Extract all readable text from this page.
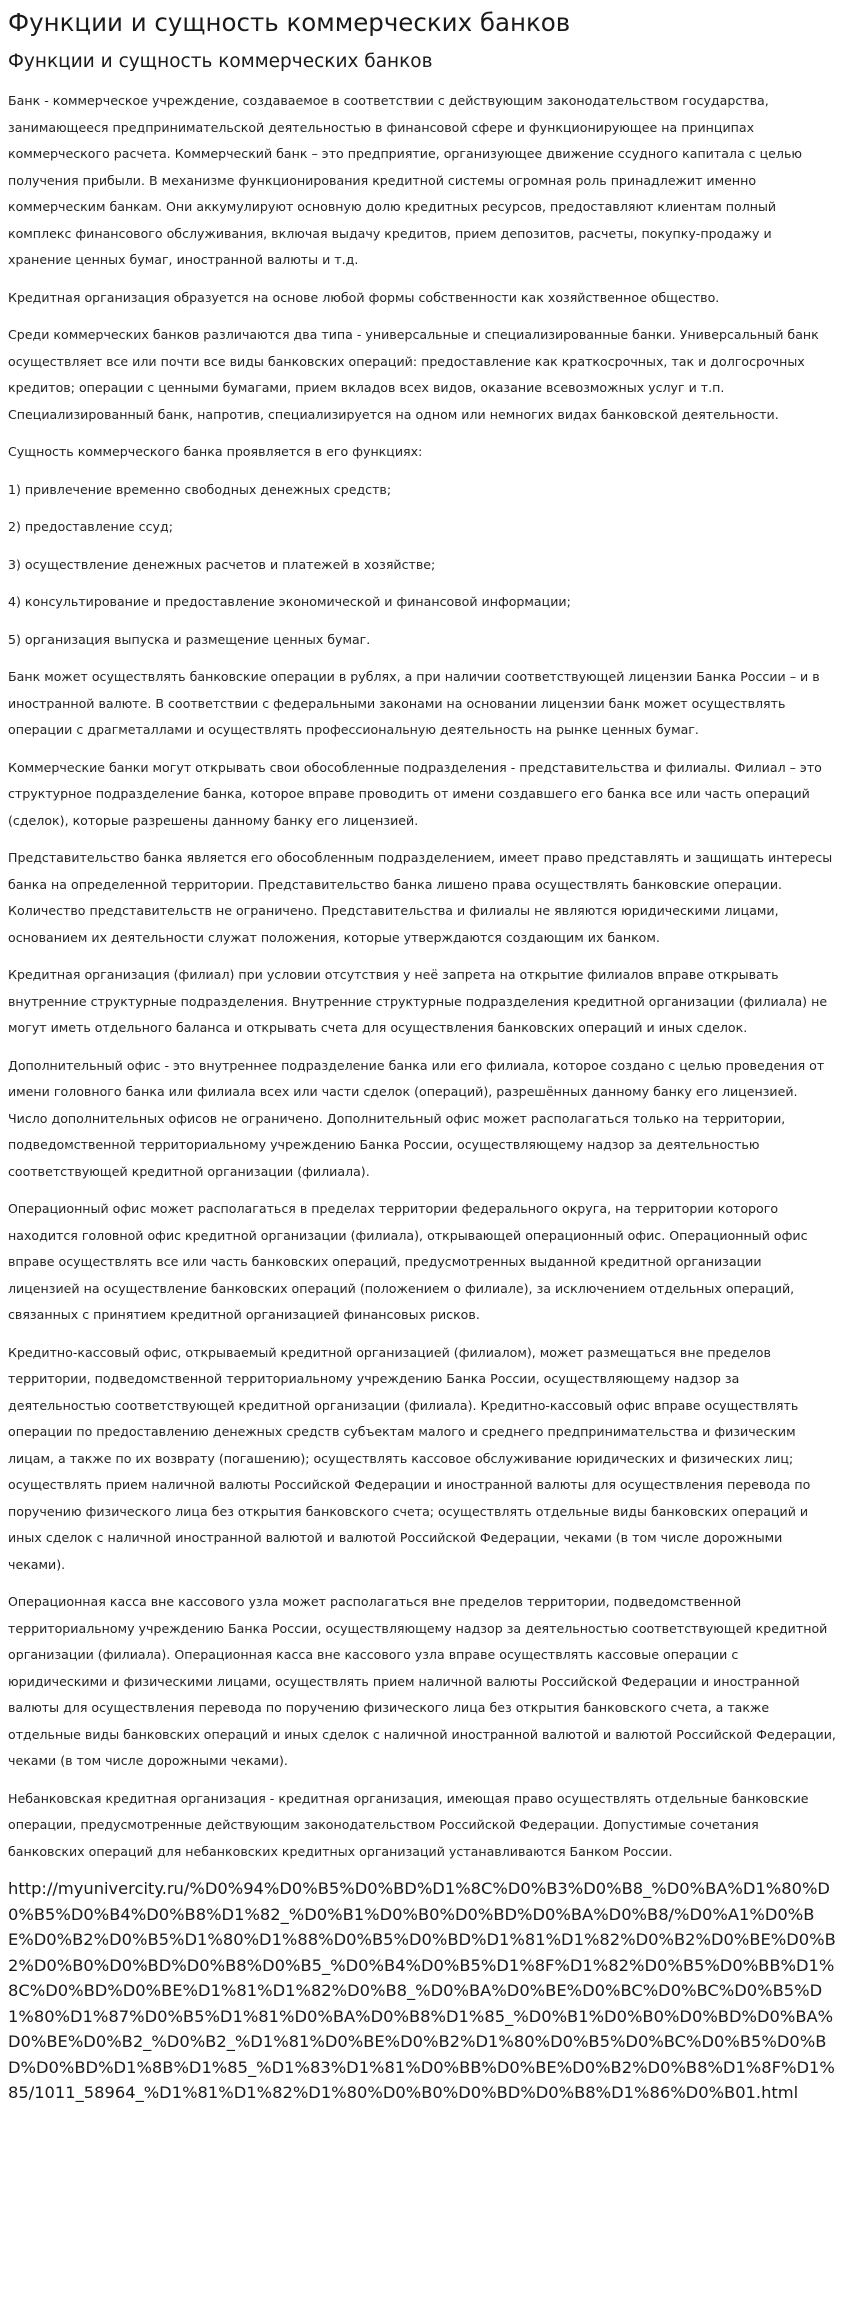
Функции и сущность коммерческих банков
Функции и сущность коммерческих банков

Банк - коммерческое учреждение, создаваемое в соответствии с действующим законодательством государства, занимающееся предпринимательской деятельностью в финансовой сфере и функционирующее на принципах коммерческого расчета. Коммерческий банк – это предприятие, организующее движение ссудного капитала с целью получения прибыли. В механизме функционирования кредитной системы огромная роль принадлежит именно коммерческим банкам. Они аккумулируют основную долю кредитных ресурсов, предоставляют клиентам полный комплекс финансового обслуживания, включая выдачу кредитов, прием депозитов, расчеты, покупку-продажу и хранение ценных бумаг, иностранной валюты и т.д.

Кредитная организация образуется на основе любой формы собственности как хозяйственное общество.

Среди коммерческих банков различаются два типа - универсальные и специализированные банки. Универсальный банк осуществляет все или почти все виды банковских операций: предоставление как краткосрочных, так и долгосрочных кредитов; операции с ценными бумагами, прием вкладов всех видов, оказание всевозможных услуг и т.п. Специализированный банк, напротив, специализируется на одном или немногих видах банковской деятельности.

Сущность коммерческого банка проявляется в его функциях:

1) привлечение временно свободных денежных средств;

2) предоставление ссуд;

3) осуществление денежных расчетов и платежей в хозяйстве;

4) консультирование и предоставление экономической и финансовой информации;

5) организация выпуска и размещение ценных бумаг.

Банк может осуществлять банковские операции в рублях, а при наличии соответствующей лицензии Банка России – и в иностранной валюте. В соответствии с федеральными законами на основании лицензии банк может осуществлять операции с драгметаллами и осуществлять профессиональную деятельность на рынке ценных бумаг.

Коммерческие банки могут открывать свои обособленные подразделения - представительства и филиалы. Филиал – это структурное подразделение банка, которое вправе проводить от имени создавшего его банка все или часть операций (сделок), которые разрешены данному банку его лицензией.

Представительство банка является его обособленным подразделением, имеет право представлять и защищать интересы банка на определенной территории. Представительство банка лишено права осуществлять банковские операции. Количество представительств не ограничено. Представительства и филиалы не являются юридическими лицами, основанием их деятельности служат положения, которые утверждаются создающим их банком.

Кредитная организация (филиал) при условии отсутствия у неё запрета на открытие филиалов вправе открывать внутренние структурные подразделения. Внутренние структурные подразделения кредитной организации (филиала) не могут иметь отдельного баланса и открывать счета для осуществления банковских операций и иных сделок.

Дополнительный офис - это внутреннее подразделение банка или его филиала, которое создано с целью проведения от имени головного банка или филиала всех или части сделок (операций), разрешённых данному банку его лицензией. Число дополнительных офисов не ограничено. Дополнительный офис может располагаться только на территории, подведомственной территориальному учреждению Банка России, осуществляющему надзор за деятельностью соответствующей кредитной организации (филиала).

Операционный офис может располагаться в пределах территории федерального округа, на территории которого находится головной офис кредитной организации (филиала), открывающей операционный офис. Операционный офис вправе осуществлять все или часть банковских операций, предусмотренных выданной кредитной организации лицензией на осуществление банковских операций (положением о филиале), за исключением отдельных операций, связанных с принятием кредитной организацией финансовых рисков.

Кредитно-кассовый офис, открываемый кредитной организацией (филиалом), может размещаться вне пределов территории, подведомственной территориальному учреждению Банка России, осуществляющему надзор за деятельностью соответствующей кредитной организации (филиала). Кредитно-кассовый офис вправе осуществлять операции по предоставлению денежных средств субъектам малого и среднего предпринимательства и физическим лицам, а также по их возврату (погашению); осуществлять кассовое обслуживание юридических и физических лиц; осуществлять прием наличной валюты Российской Федерации и иностранной валюты для осуществления перевода по поручению физического лица без открытия банковского счета; осуществлять отдельные виды банковских операций и иных сделок с наличной иностранной валютой и валютой Российской Федерации, чеками (в том числе дорожными чеками).

Операционная касса вне кассового узла может располагаться вне пределов территории, подведомственной территориальному учреждению Банка России, осуществляющему надзор за деятельностью соответствующей кредитной организации (филиала). Операционная касса вне кассового узла вправе осуществлять кассовые операции с юридическими и физическими лицами, осуществлять прием наличной валюты Российской Федерации и иностранной валюты для осуществления перевода по поручению физического лица без открытия банковского счета, а также отдельные виды банковских операций и иных сделок с наличной иностранной валютой и валютой Российской Федерации, чеками (в том числе дорожными чеками).

Небанковская кредитная организация - кредитная организация, имеющая право осуществлять отдельные банковские операции, предусмотренные действующим законодательством Российской Федерации. Допустимые сочетания банковских операций для небанковских кредитных организаций устанавливаются Банком России.

http://myunivercity.ru/%D0%94%D0%B5%D0%BD%D1%8C%D0%B3%D0%B8_%D0%BA%D1%80%D0%B5%D0%B4%D0%B8%D1%82_%D0%B1%D0%B0%D0%BD%D0%BA%D0%B8/%D0%A1%D0%BE%D0%B2%D0%B5%D1%80%D1%88%D0%B5%D0%BD%D1%81%D1%82%D0%B2%D0%BE%D0%B2%D0%B0%D0%BD%D0%B8%D0%B5_%D0%B4%D0%B5%D1%8F%D1%82%D0%B5%D0%BB%D1%8C%D0%BD%D0%BE%D1%81%D1%82%D0%B8_%D0%BA%D0%BE%D0%BC%D0%BC%D0%B5%D1%80%D1%87%D0%B5%D1%81%D0%BA%D0%B8%D1%85_%D0%B1%D0%B0%D0%BD%D0%BA%D0%BE%D0%B2_%D0%B2_%D1%81%D0%BE%D0%B2%D1%80%D0%B5%D0%BC%D0%B5%D0%BD%D0%BD%D1%8B%D1%85_%D1%83%D1%81%D0%BB%D0%BE%D0%B2%D0%B8%D1%8F%D1%85/1011_58964_%D1%81%D1%82%D1%80%D0%B0%D0%BD%D0%B8%D1%86%D0%B01.html
